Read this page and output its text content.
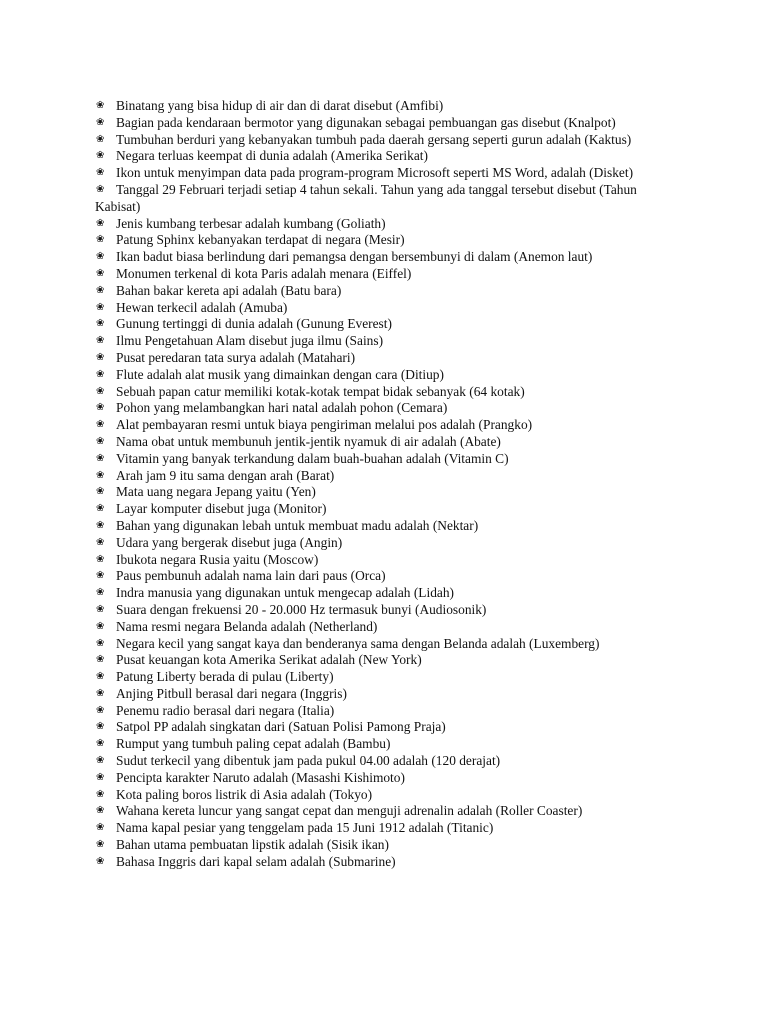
❀ Binatang yang bisa hidup di air dan di darat disebut (Amfibi)
❀ Bagian pada kendaraan bermotor yang digunakan sebagai pembuangan gas disebut (Knalpot)
❀ Tumbuhan berduri yang kebanyakan tumbuh pada daerah gersang seperti gurun adalah (Kaktus)
❀ Negara terluas keempat di dunia adalah (Amerika Serikat)
❀ Ikon untuk menyimpan data pada program-program Microsoft seperti MS Word, adalah (Disket)
❀ Tanggal 29 Februari terjadi setiap 4 tahun sekali. Tahun yang ada tanggal tersebut disebut (Tahun Kabisat)
❀ Jenis kumbang terbesar adalah kumbang (Goliath)
❀ Patung Sphinx kebanyakan terdapat di negara (Mesir)
❀ Ikan badut biasa berlindung dari pemangsa dengan bersembunyi di dalam (Anemon laut)
❀ Monumen terkenal di kota Paris adalah menara (Eiffel)
❀ Bahan bakar kereta api adalah (Batu bara)
❀ Hewan terkecil adalah (Amuba)
❀ Gunung tertinggi di dunia adalah (Gunung Everest)
❀ Ilmu Pengetahuan Alam disebut juga ilmu (Sains)
❀ Pusat peredaran tata surya adalah (Matahari)
❀ Flute adalah alat musik yang dimainkan dengan cara (Ditiup)
❀ Sebuah papan catur memiliki kotak-kotak tempat bidak sebanyak (64 kotak)
❀ Pohon yang melambangkan hari natal adalah pohon (Cemara)
❀ Alat pembayaran resmi untuk biaya pengiriman melalui pos adalah (Prangko)
❀ Nama obat untuk membunuh jentik-jentik nyamuk di air adalah (Abate)
❀ Vitamin yang banyak terkandung dalam buah-buahan adalah (Vitamin C)
❀ Arah jam 9 itu sama dengan arah (Barat)
❀ Mata uang negara Jepang yaitu (Yen)
❀ Layar komputer disebut juga (Monitor)
❀ Bahan yang digunakan lebah untuk membuat madu adalah (Nektar)
❀ Udara yang bergerak disebut juga (Angin)
❀ Ibukota negara Rusia yaitu (Moscow)
❀ Paus pembunuh adalah nama lain dari paus (Orca)
❀ Indra manusia yang digunakan untuk mengecap adalah (Lidah)
❀ Suara dengan frekuensi 20 - 20.000 Hz termasuk bunyi (Audiosonik)
❀ Nama resmi negara Belanda adalah (Netherland)
❀ Negara kecil yang sangat kaya dan benderanya sama dengan Belanda adalah (Luxemberg)
❀ Pusat keuangan kota Amerika Serikat adalah (New York)
❀ Patung Liberty berada di pulau (Liberty)
❀ Anjing Pitbull berasal dari negara (Inggris)
❀ Penemu radio berasal dari negara (Italia)
❀ Satpol PP adalah singkatan dari (Satuan Polisi Pamong Praja)
❀ Rumput yang tumbuh paling cepat adalah (Bambu)
❀ Sudut terkecil yang dibentuk jam pada pukul 04.00 adalah (120 derajat)
❀ Pencipta karakter Naruto adalah (Masashi Kishimoto)
❀ Kota paling boros listrik di Asia adalah (Tokyo)
❀ Wahana kereta luncur yang sangat cepat dan menguji adrenalin adalah (Roller Coaster)
❀ Nama kapal pesiar yang tenggelam pada 15 Juni 1912 adalah (Titanic)
❀ Bahan utama pembuatan lipstik adalah (Sisik ikan)
❀ Bahasa Inggris dari kapal selam adalah (Submarine)
